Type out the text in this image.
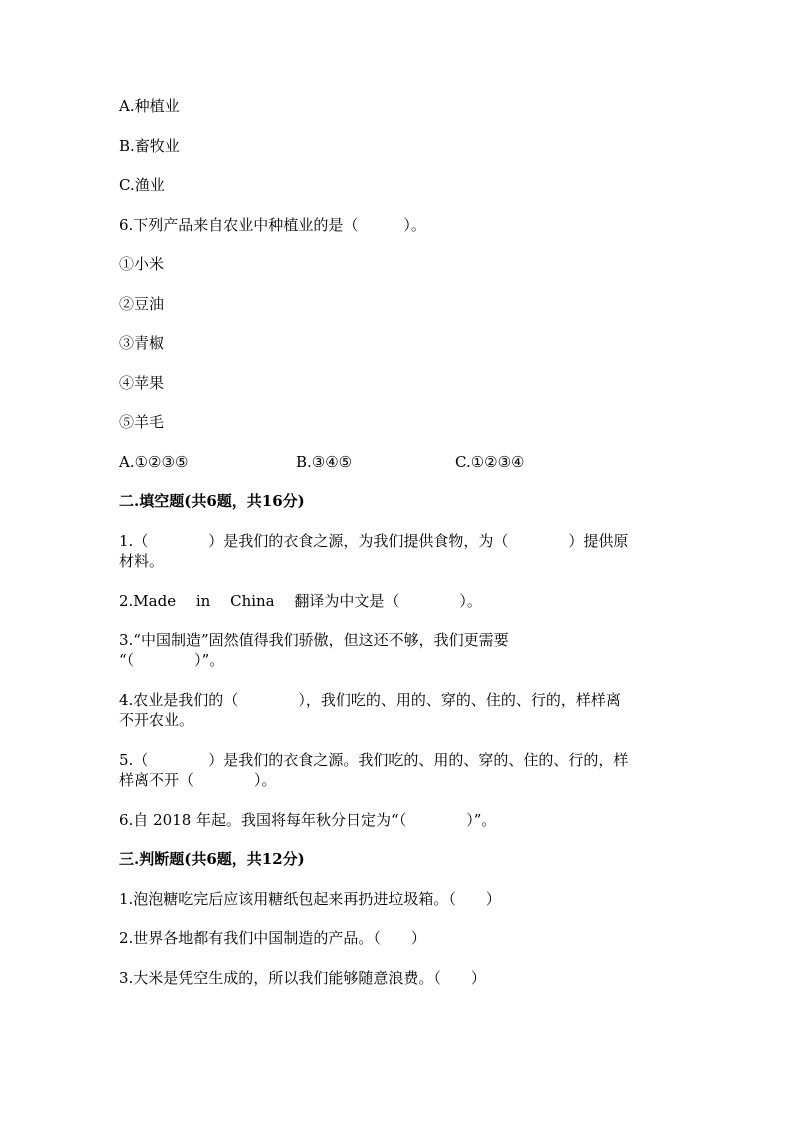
A.种植业
B.畜牧业
C.渔业
6.下列产品来自农业中种植业的是（　　　）。
①小米
②豆油
③青椒
④苹果
⑤羊毛
A.①②③⑤	B.③④⑤	C.①②③④
二.填空题(共6题，共16分)
1.（　　　　）是我们的衣食之源，为我们提供食物，为（　　　　）提供原
材料。
2.Made　 in　 China　 翻译为中文是（　　　　）。
3.“中国制造”固然值得我们骄傲，但这还不够，我们更需要
“（　　　　）”。
4.农业是我们的（　　　　），我们吃的、用的、穿的、住的、行的，样样离
不开农业。
5.（　　　　）是我们的衣食之源。我们吃的、用的、穿的、住的、行的，样
样离不开（　　　　）。
6.自 2018 年起。我国将每年秋分日定为“（　　　　）”。
三.判断题(共6题，共12分)
1.泡泡糖吃完后应该用糖纸包起来再扔进垃圾箱。（　　）
2.世界各地都有我们中国制造的产品。（　　）
3.大米是凭空生成的，所以我们能够随意浪费。（　　）
